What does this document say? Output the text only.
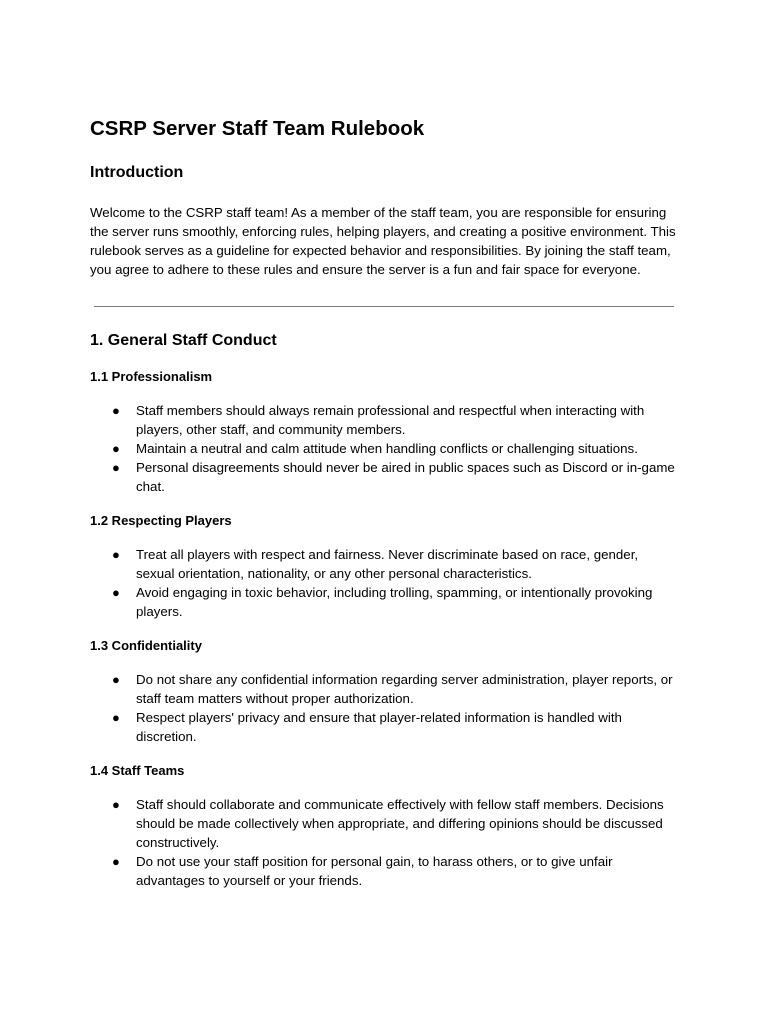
CSRP Server Staff Team Rulebook
Introduction

Welcome to the CSRP staff team! As a member of the staff team, you are responsible for ensuring the server runs smoothly, enforcing rules, helping players, and creating a positive environment. This rulebook serves as a guideline for expected behavior and responsibilities. By joining the staff team, you agree to adhere to these rules and ensure the server is a fun and fair space for everyone.

1. General Staff Conduct
1.1 Professionalism
● Staff members should always remain professional and respectful when interacting with players, other staff, and community members.
● Maintain a neutral and calm attitude when handling conflicts or challenging situations.
● Personal disagreements should never be aired in public spaces such as Discord or in-game chat.
1.2 Respecting Players
● Treat all players with respect and fairness. Never discriminate based on race, gender, sexual orientation, nationality, or any other personal characteristics.
● Avoid engaging in toxic behavior, including trolling, spamming, or intentionally provoking players.
1.3 Confidentiality
● Do not share any confidential information regarding server administration, player reports, or staff team matters without proper authorization.
● Respect players' privacy and ensure that player-related information is handled with discretion.
1.4 Staff Teams
● Staff should collaborate and communicate effectively with fellow staff members. Decisions should be made collectively when appropriate, and differing opinions should be discussed constructively.
● Do not use your staff position for personal gain, to harass others, or to give unfair advantages to yourself or your friends.
